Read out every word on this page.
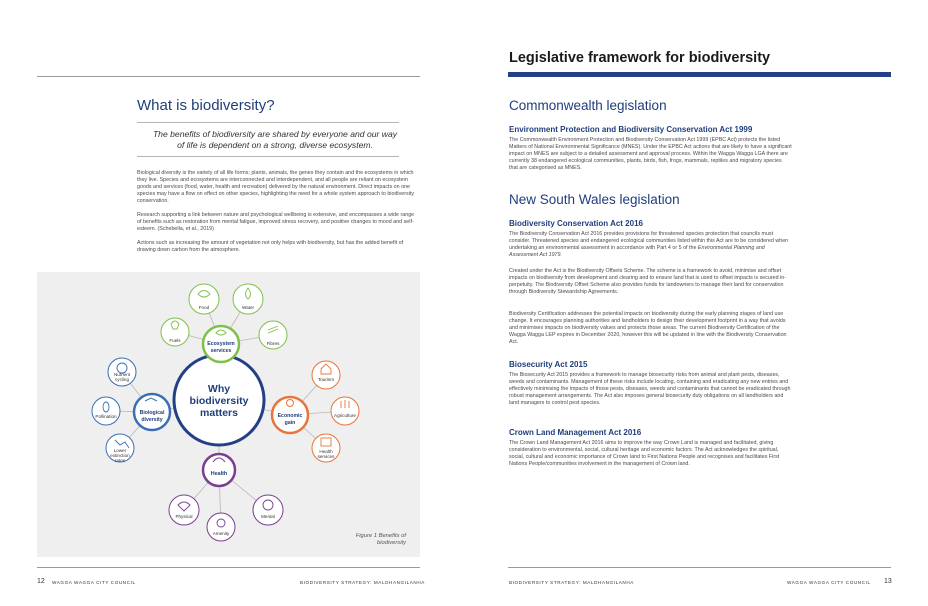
What is biodiversity?
The benefits of biodiversity are shared by everyone and our way of life is dependent on a strong, diverse ecosystem.
Biological diversity is the variety of all life forms; plants, animals, the genes they contain and the ecosystems in which they live. Species and ecosystems are interconnected and interdependent, and all people are reliant on ecosystem goods and services (food, water, health and recreation) delivered by the natural environment. Direct impacts on one species may have a flow on effect on other species, highlighting the need for a whole system approach to biodiversity conservation.
Research supporting a link between nature and psychological wellbeing is extensive, and encompasses a wide range of benefits such as restoration from mental fatigue, improved stress recovery, and positive changes to mood and self-esteem. (Schebella, et al., 2019)
Actions such as increasing the amount of vegetation not only helps with biodiversity, but has the added benefit of drawing down carbon from the atmosphere.
Why
biodiversity
matters
Ecosystem
services
Biological
diversity
Economic
gain
Health
Food	Water
Fuels
Fibres
Nutrient
cycling
Pollination
Lower
extinction
rates
Tourism
Agriculture
Health
services
Physical
Amenity
Mental
Figure 1 Benefits of biodiversity
12 WAGGA WAGGA CITY COUNCIL	BIODIVERSITY STRATEGY: MALDHANGILANHA
Legislative framework for biodiversity
Commonwealth legislation
Environment Protection and Biodiversity Conservation Act 1999
The Commonwealth Environment Protection and Biodiversity Conservation Act 1999 (EPBC Act) protects the listed Matters of National Environmental Significance (MNES). Under the EPBC Act actions that are likely to have a significant impact on MNES are subject to a detailed assessment and approval process. Within the Wagga Wagga LGA there are currently 38 endangered ecological communities, plants, birds, fish, frogs, mammals, reptiles and migratory species that are categorised as MNES.
New South Wales legislation
Biodiversity Conservation Act 2016
The Biodiversity Conservation Act 2016 provides provisions for threatened species protection that councils must consider. Threatened species and endangered ecological communities listed within this Act are to be considered when undertaking an environmental assessment in accordance with Part 4 or 5 of the Environmental Planning and Assessment Act 1979.
Created under the Act is the Biodiversity Offsets Scheme. The scheme is a framework to avoid, minimise and offset impacts on biodiversity from development and clearing and to ensure land that is used to offset impacts is secured in-perpetuity. The Biodiversity Offset Scheme also provides funds for landowners to manage their land for conservation through Biodiversity Stewardship Agreements.
Biodiversity Certification addresses the potential impacts on biodiversity during the early planning stages of land use change. It encourages planning authorities and landholders to design their development footprint in a way that avoids and minimises impacts on biodiversity values and protects those areas. The current Biodiversity Certification of the Wagga Wagga LEP expires in December 2020, however this will be updated in line with the Biodiversity Conservation Act.
Biosecurity Act 2015
The Biosecurity Act 2015 provides a framework to manage biosecurity risks from animal and plant pests, diseases, weeds and contaminants. Management of these risks include locating, containing and eradicating any new entries and effectively minimising the impacts of those pests, diseases, weeds and contaminants that cannot be eradicated through robust management arrangements. The Act also imposes general biosecurity duty obligations on all landholders and land managers to control pest species.
Crown Land Management Act 2016
The Crown Land Management Act 2016 aims to improve the way Crown Land is managed and facilitated, giving consideration to environmental, social, cultural heritage and economic factors. The Act acknowledges the spiritual, social, cultural and economic importance of Crown land to First Nations People and recognises and facilitates First Nations People/communities involvement in the management of Crown land.
BIODIVERSITY STRATEGY: MALDHANGILANHA	WAGGA WAGGA CITY COUNCIL 13
